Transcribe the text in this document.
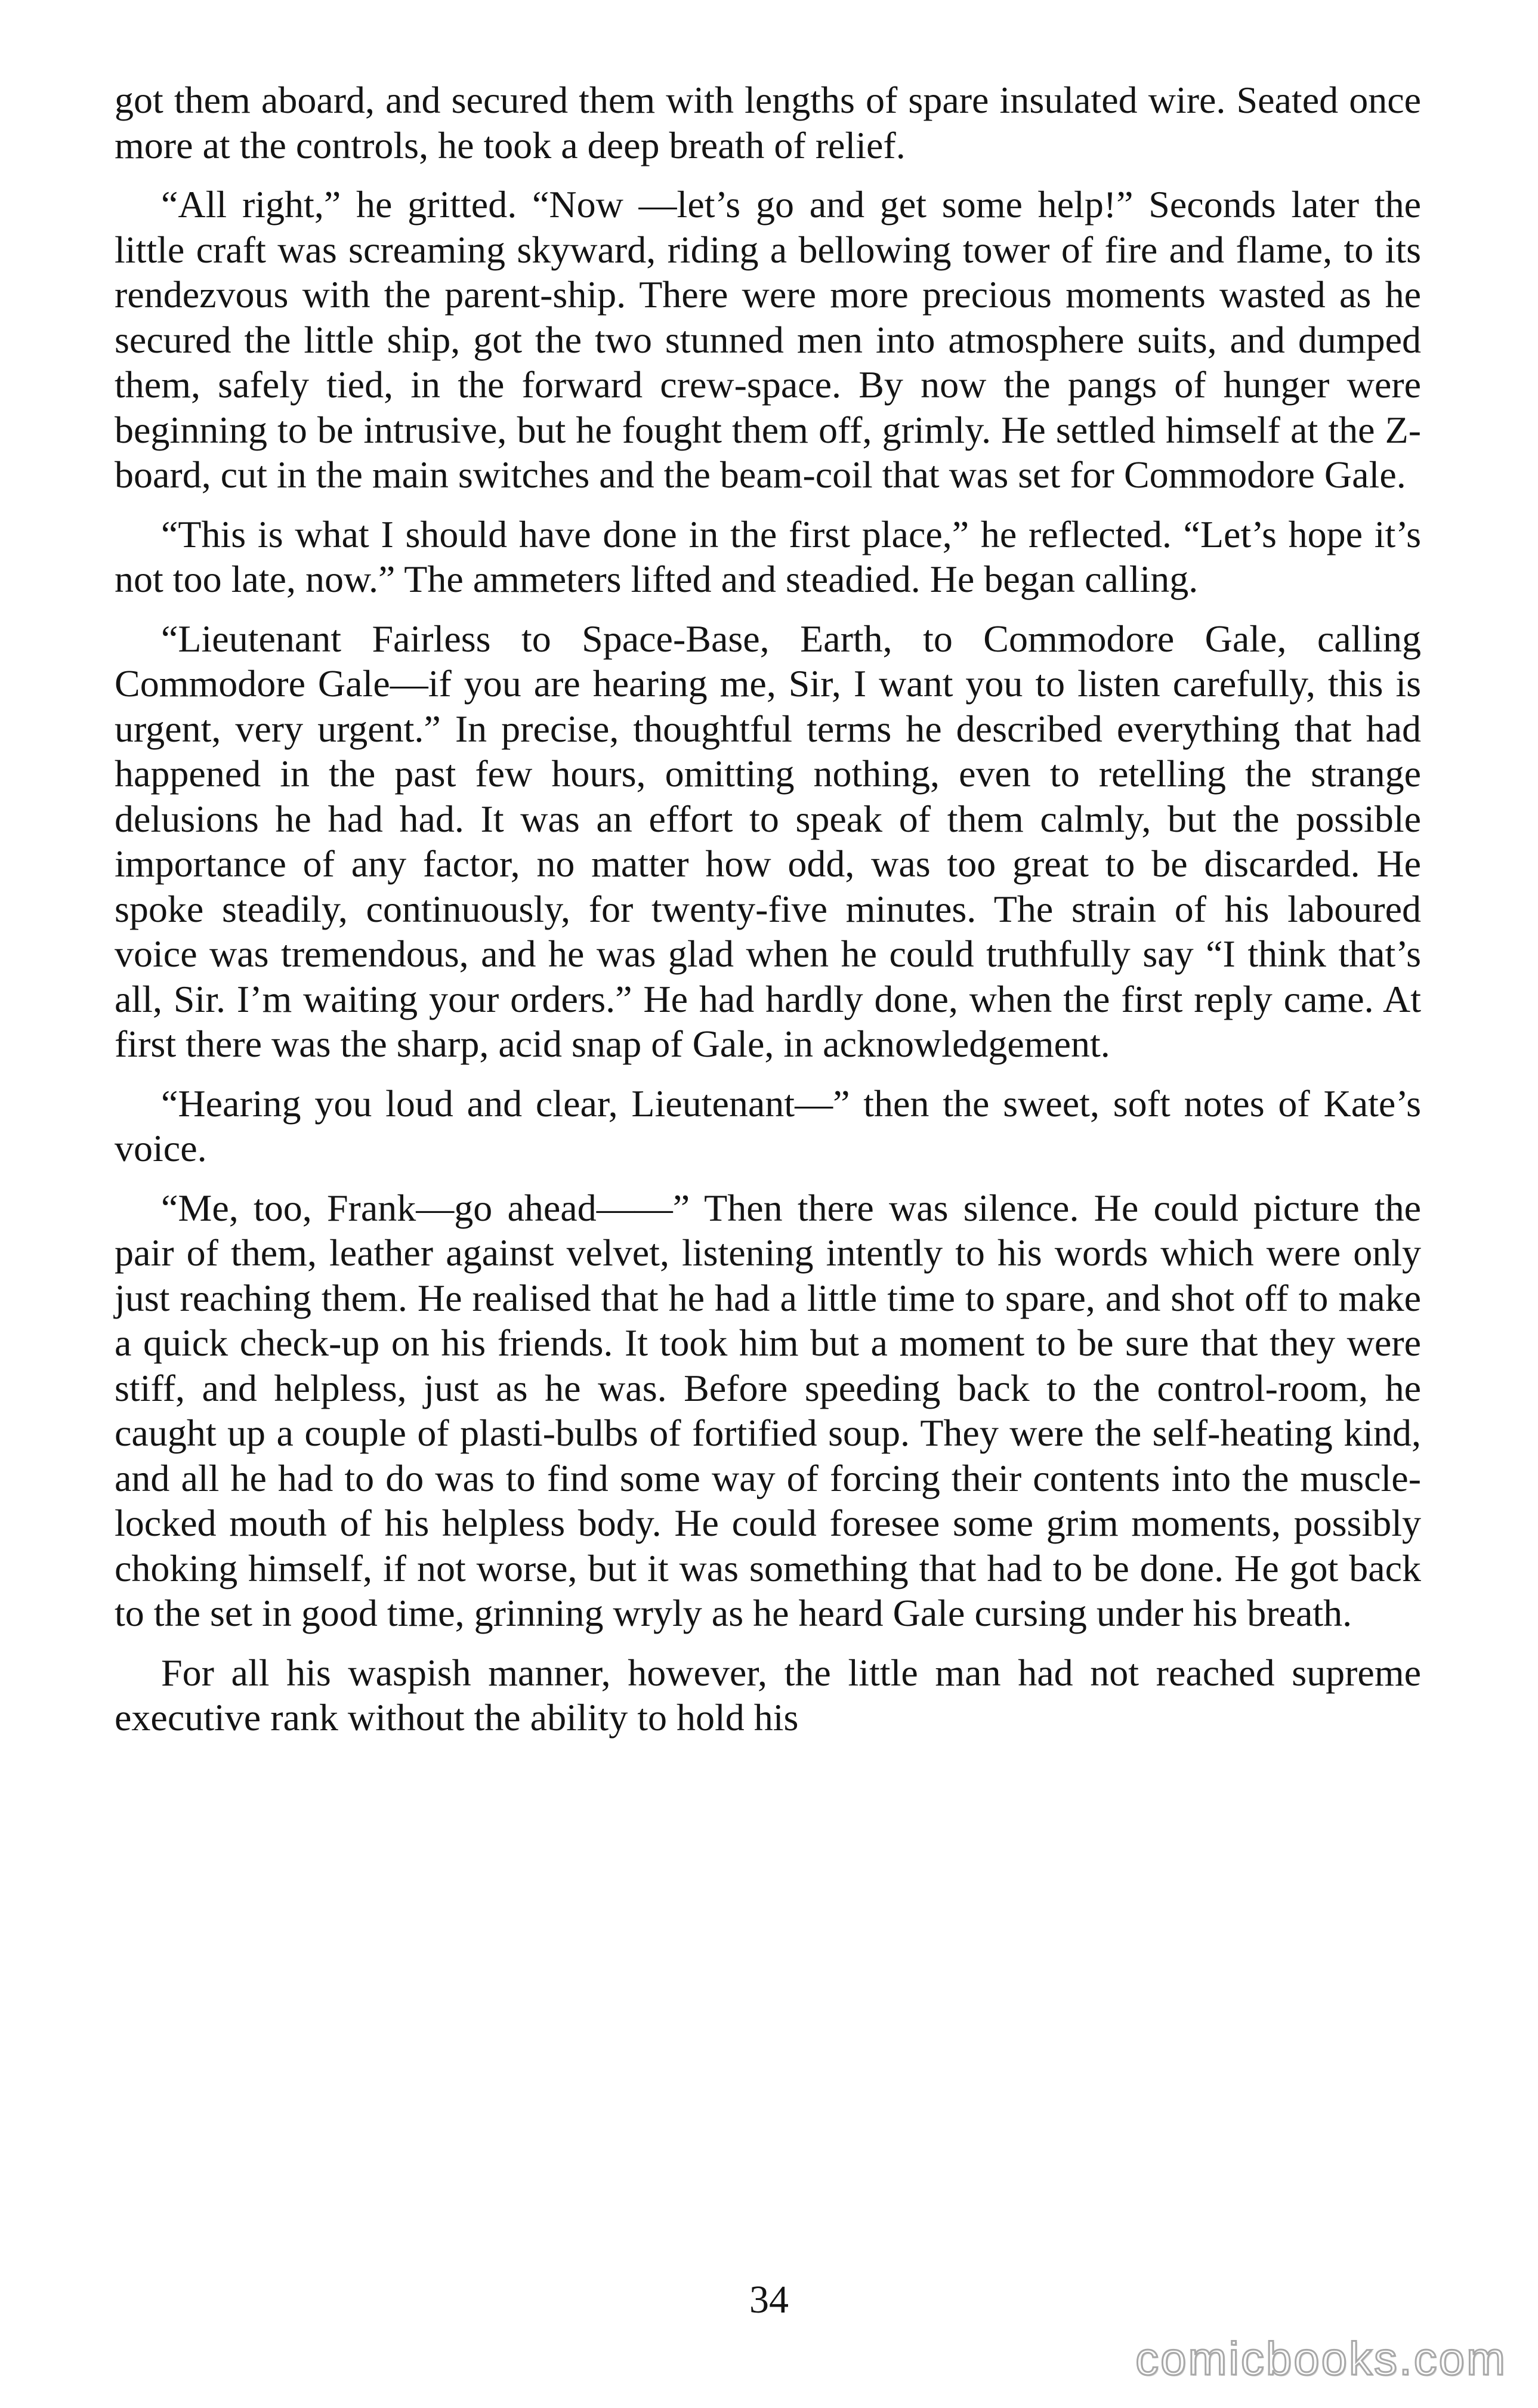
got them aboard, and secured them with lengths of spare insulated wire. Seated once more at the controls, he took a deep breath of relief.

“All right,” he gritted. “Now —let’s go and get some help!” Seconds later the little craft was screaming skyward, riding a bellowing tower of fire and flame, to its rendezvous with the parent-ship. There were more precious moments wasted as he secured the little ship, got the two stunned men into atmosphere suits, and dumped them, safely tied, in the forward crew-space. By now the pangs of hunger were beginning to be intrusive, but he fought them off, grimly. He settled himself at the Z-board, cut in the main switches and the beam-coil that was set for Commodore Gale.

“This is what I should have done in the first place,” he reflected. “Let’s hope it’s not too late, now.” The ammeters lifted and steadied. He began calling.

“Lieutenant Fairless to Space-Base, Earth, to Commodore Gale, calling Commodore Gale—if you are hearing me, Sir, I want you to listen carefully, this is urgent, very urgent.” In precise, thoughtful terms he described everything that had happened in the past few hours, omitting nothing, even to retelling the strange delusions he had had. It was an effort to speak of them calmly, but the possible importance of any factor, no matter how odd, was too great to be discarded. He spoke steadily, continuously, for twenty-five minutes. The strain of his laboured voice was tremendous, and he was glad when he could truthfully say “I think that’s all, Sir. I’m waiting your orders.” He had hardly done, when the first reply came. At first there was the sharp, acid snap of Gale, in acknowledgement.

“Hearing you loud and clear, Lieutenant—” then the sweet, soft notes of Kate’s voice.

“Me, too, Frank—go ahead——” Then there was silence. He could picture the pair of them, leather against velvet, listening intently to his words which were only just reaching them. He realised that he had a little time to spare, and shot off to make a quick check-up on his friends. It took him but a moment to be sure that they were stiff, and helpless, just as he was. Before speeding back to the control-room, he caught up a couple of plasti-bulbs of fortified soup. They were the self-heating kind, and all he had to do was to find some way of forcing their contents into the muscle-locked mouth of his helpless body. He could foresee some grim moments, possibly choking himself, if not worse, but it was something that had to be done. He got back to the set in good time, grinning wryly as he heard Gale cursing under his breath.

For all his waspish manner, however, the little man had not reached supreme executive rank without the ability to hold his

34
comicbooks.com
